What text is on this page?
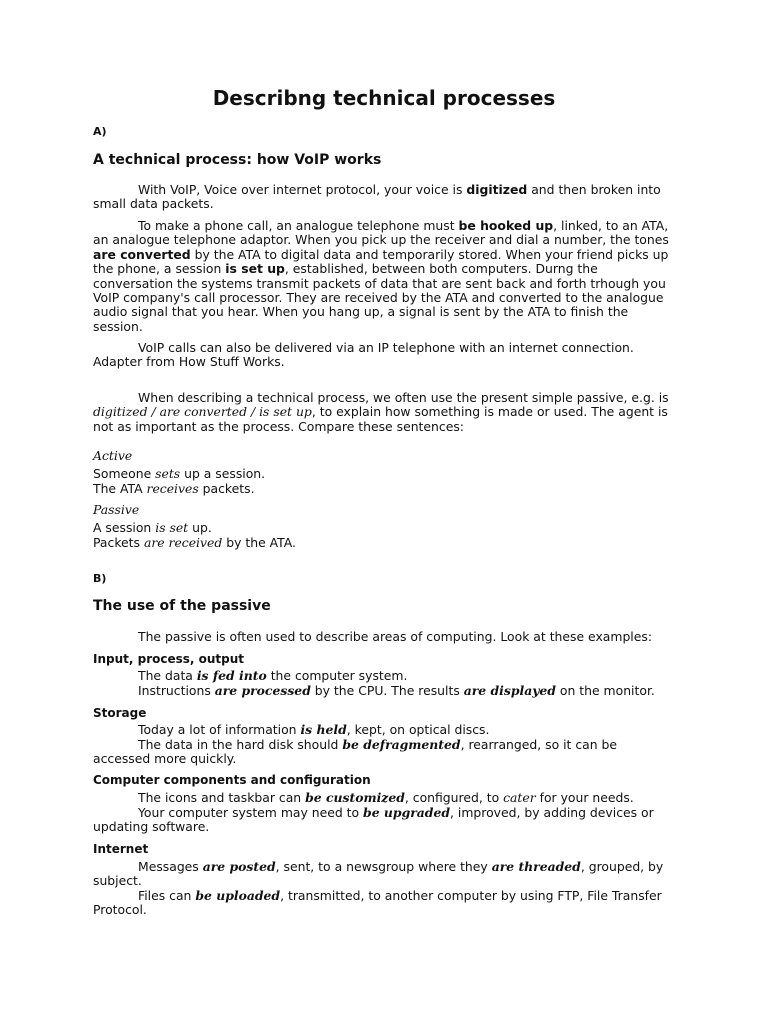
Describng technical processes
A)
A technical process: how VoIP works

With VoIP, Voice over internet protocol, your voice is digitized and then broken into small data packets.

To make a phone call, an analogue telephone must be hooked up, linked, to an ATA, an analogue telephone adaptor. When you pick up the receiver and dial a number, the tones are converted by the ATA to digital data and temporarily stored. When your friend picks up the phone, a session is set up, established, between both computers. Durng the conversation the systems transmit packets of data that are sent back and forth trhough you VoIP company's call processor. They are received by the ATA and converted to the analogue audio signal that you hear. When you hang up, a signal is sent by the ATA to finish the session.

VoIP calls can also be delivered via an IP telephone with an internet connection.
Adapter from How Stuff Works.

When describing a technical process, we often use the present simple passive, e.g. is digitized / are converted / is set up, to explain how something is made or used. The agent is not as important as the process. Compare these sentences:

Active
Someone sets up a session.
The ATA receives packets.
Passive
A session is set up.
Packets are received by the ATA.
B)
The use of the passive

The passive is often used to describe areas of computing. Look at these examples:

Input, process, output
The data is fed into the computer system.
Instructions are processed by the CPU. The results are displayed on the monitor.
Storage
Today a lot of information is held, kept, on optical discs.

The data in the hard disk should be defragmented, rearranged, so it can be accessed more quickly.

Computer components and configuration
The icons and taskbar can be customized, configured, to cater for your needs.

Your computer system may need to be upgraded, improved, by adding devices or updating software.

Internet

Messages are posted, sent, to a newsgroup where they are threaded, grouped, by subject.

Files can be uploaded, transmitted, to another computer by using FTP, File Transfer Protocol.
